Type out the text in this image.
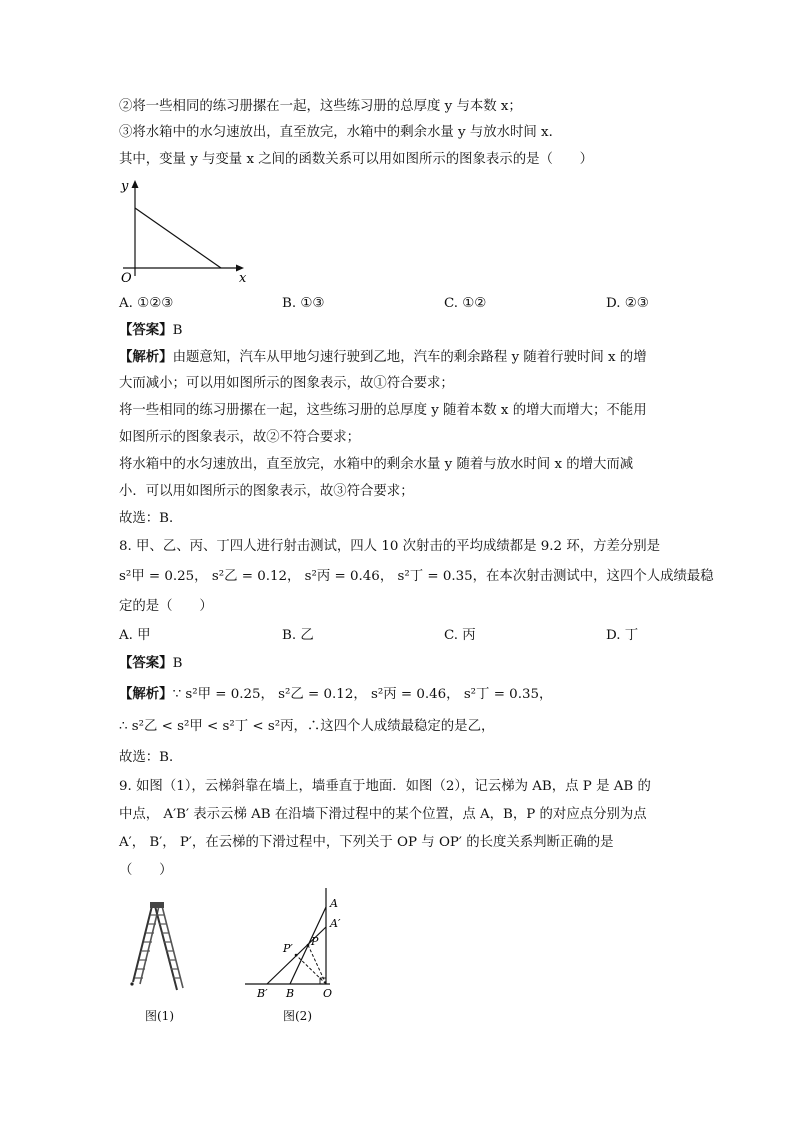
②将一些相同的练习册摞在一起，这些练习册的总厚度 y 与本数 x；
③将水箱中的水匀速放出，直至放完，水箱中的剩余水量 y 与放水时间 x．
其中，变量 y 与变量 x 之间的函数关系可以用如图所示的图象表示的是（　　）
y
x
O
A. ①②③	B. ①③	C. ①②	D. ②③
【答案】B
【解析】由题意知，汽车从甲地匀速行驶到乙地，汽车的剩余路程 y 随着行驶时间 x 的增
大而减小；可以用如图所示的图象表示，故①符合要求；
将一些相同的练习册摞在一起，这些练习册的总厚度 y 随着本数 x 的增大而增大；不能用
如图所示的图象表示，故②不符合要求；
将水箱中的水匀速放出，直至放完，水箱中的剩余水量 y 随着与放水时间 x 的增大而减
小．可以用如图所示的图象表示，故③符合要求；
故选：B．
8. 甲、乙、丙、丁四人进行射击测试，四人 10 次射击的平均成绩都是 9.2 环，方差分别是
s²甲 = 0.25， s²乙 = 0.12， s²丙 = 0.46， s²丁 = 0.35，在本次射击测试中，这四个人成绩最稳
定的是（　　）
A. 甲	B. 乙	C. 丙	D. 丁
【答案】B
【解析】∵ s²甲 = 0.25， s²乙 = 0.12， s²丙 = 0.46， s²丁 = 0.35，
∴ s²乙 < s²甲 < s²丁 < s²丙，∴这四个人成绩最稳定的是乙，
故选：B．
9. 如图（1），云梯斜靠在墙上，墙垂直于地面．如图（2），记云梯为 AB，点 P 是 AB 的
中点， A′B′ 表示云梯 AB 在沿墙下滑过程中的某个位置，点 A，B，P 的对应点分别为点
A′， B′， P′，在云梯的下滑过程中，下列关于 OP 与 OP′ 的长度关系判断正确的是
（　　）
图(1)
A
A′
P
P′
B′ B	O
图(2)
